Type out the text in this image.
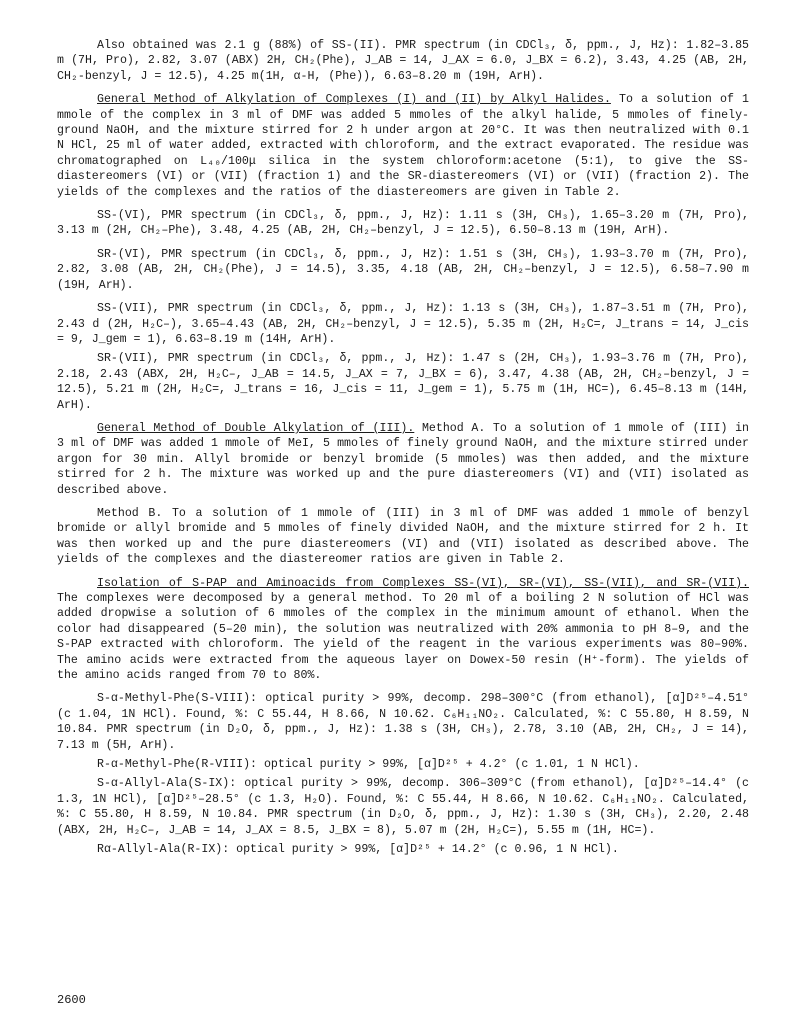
Also obtained was 2.1 g (88%) of SS-(II). PMR spectrum (in CDCl₃, δ, ppm., J, Hz): 1.82–3.85 m (7H, Pro), 2.82, 3.07 (ABX) 2H, CH₂(Phe), J_AB = 14, J_AX = 6.0, J_BX = 6.2), 3.43, 4.25 (AB, 2H, CH₂-benzyl, J = 12.5), 4.25 m(1H, α-H, (Phe)), 6.63–8.20 m (19H, ArH).

General Method of Alkylation of Complexes (I) and (II) by Alkyl Halides. To a solution of 1 mmole of the complex in 3 ml of DMF was added 5 mmoles of the alkyl halide, 5 mmoles of finely-ground NaOH, and the mixture stirred for 2 h under argon at 20°C. It was then neutralized with 0.1 N HCl, 25 ml of water added, extracted with chloroform, and the extract evaporated. The residue was chromatographed on L₄₀/100μ silica in the system chloroform:acetone (5:1), to give the SS-diastereomers (VI) or (VII) (fraction 1) and the SR-diastereomers (VI) or (VII) (fraction 2). The yields of the complexes and the ratios of the diastereomers are given in Table 2.

SS-(VI), PMR spectrum (in CDCl₃, δ, ppm., J, Hz): 1.11 s (3H, CH₃), 1.65–3.20 m (7H, Pro), 3.13 m (2H, CH₂–Phe), 3.48, 4.25 (AB, 2H, CH₂–benzyl, J = 12.5), 6.50–8.13 m (19H, ArH).

SR-(VI), PMR spectrum (in CDCl₃, δ, ppm., J, Hz): 1.51 s (3H, CH₃), 1.93–3.70 m (7H, Pro), 2.82, 3.08 (AB, 2H, CH₂(Phe), J = 14.5), 3.35, 4.18 (AB, 2H, CH₂–benzyl, J = 12.5), 6.58–7.90 m (19H, ArH).

SS-(VII), PMR spectrum (in CDCl₃, δ, ppm., J, Hz): 1.13 s (3H, CH₃), 1.87–3.51 m (7H, Pro), 2.43 d (2H, H₂C–), 3.65–4.43 (AB, 2H, CH₂–benzyl, J = 12.5), 5.35 m (2H, H₂C=, J_trans = 14, J_cis = 9, J_gem = 1), 6.63–8.19 m (14H, ArH).

SR-(VII), PMR spectrum (in CDCl₃, δ, ppm., J, Hz): 1.47 s (2H, CH₃), 1.93–3.76 m (7H, Pro), 2.18, 2.43 (ABX, 2H, H₂C–, J_AB = 14.5, J_AX = 7, J_BX = 6), 3.47, 4.38 (AB, 2H, CH₂–benzyl, J = 12.5), 5.21 m (2H, H₂C=, J_trans = 16, J_cis = 11, J_gem = 1), 5.75 m (1H, HC=), 6.45–8.13 m (14H, ArH).

General Method of Double Alkylation of (III). Method A. To a solution of 1 mmole of (III) in 3 ml of DMF was added 1 mmole of MeI, 5 mmoles of finely ground NaOH, and the mixture stirred under argon for 30 min. Allyl bromide or benzyl bromide (5 mmoles) was then added, and the mixture stirred for 2 h. The mixture was worked up and the pure diastereomers (VI) and (VII) isolated as described above.

Method B. To a solution of 1 mmole of (III) in 3 ml of DMF was added 1 mmole of benzyl bromide or allyl bromide and 5 mmoles of finely divided NaOH, and the mixture stirred for 2 h. It was then worked up and the pure diastereomers (VI) and (VII) isolated as described above. The yields of the complexes and the diastereomer ratios are given in Table 2.

Isolation of S-PAP and Aminoacids from Complexes SS-(VI), SR-(VI), SS-(VII), and SR-(VII). The complexes were decomposed by a general method. To 20 ml of a boiling 2 N solution of HCl was added dropwise a solution of 6 mmoles of the complex in the minimum amount of ethanol. When the color had disappeared (5–20 min), the solution was neutralized with 20% ammonia to pH 8–9, and the S-PAP extracted with chloroform. The yield of the reagent in the various experiments was 80–90%. The amino acids were extracted from the aqueous layer on Dowex-50 resin (H⁺-form). The yields of the amino acids ranged from 70 to 80%.

S-α-Methyl-Phe(S-VIII): optical purity > 99%, decomp. 298–300°C (from ethanol), [α]D²⁵–4.51° (c 1.04, 1N HCl). Found, %: C 55.44, H 8.66, N 10.62. C₆H₁₁NO₂. Calculated, %: C 55.80, H 8.59, N 10.84. PMR spectrum (in D₂O, δ, ppm., J, Hz): 1.38 s (3H, CH₃), 2.78, 3.10 (AB, 2H, CH₂, J = 14), 7.13 m (5H, ArH).

R-α-Methyl-Phe(R-VIII): optical purity > 99%, [α]D²⁵ + 4.2° (c 1.01, 1 N HCl).

S-α-Allyl-Ala(S-IX): optical purity > 99%, decomp. 306–309°C (from ethanol), [α]D²⁵–14.4° (c 1.3, 1N HCl), [α]D²⁵–28.5° (c 1.3, H₂O). Found, %: C 55.44, H 8.66, N 10.62. C₆H₁₁NO₂. Calculated, %: C 55.80, H 8.59, N 10.84. PMR spectrum (in D₂O, δ, ppm., J, Hz): 1.30 s (3H, CH₃), 2.20, 2.48 (ABX, 2H, H₂C–, J_AB = 14, J_AX = 8.5, J_BX = 8), 5.07 m (2H, H₂C=), 5.55 m (1H, HC=).

Rα-Allyl-Ala(R-IX): optical purity > 99%, [α]D²⁵ + 14.2° (c 0.96, 1 N HCl).

2600
